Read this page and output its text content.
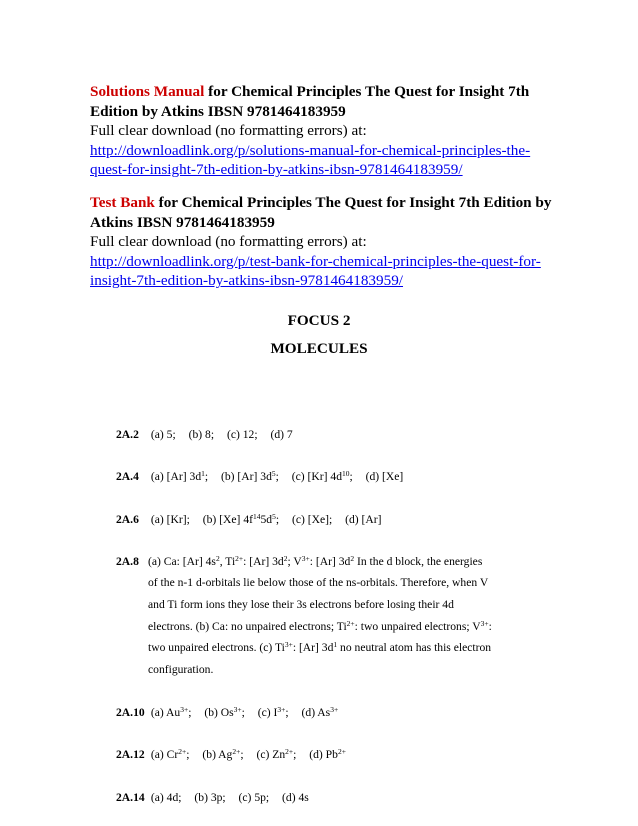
Solutions Manual for Chemical Principles The Quest for Insight 7th Edition by Atkins IBSN 9781464183959
Full clear download (no formatting errors) at:
http://downloadlink.org/p/solutions-manual-for-chemical-principles-the-quest-for-insight-7th-edition-by-atkins-ibsn-9781464183959/
Test Bank for Chemical Principles The Quest for Insight 7th Edition by Atkins IBSN 9781464183959
Full clear download (no formatting errors) at:
http://downloadlink.org/p/test-bank-for-chemical-principles-the-quest-for-insight-7th-edition-by-atkins-ibsn-9781464183959/
FOCUS 2
MOLECULES
2A.2 (a) 5; (b) 8; (c) 12; (d) 7
2A.4 (a) [Ar] $3d^1$; (b) [Ar] $3d^5$; (c) [Kr] $4d^{10}$; (d) [Xe]
2A.6 (a) [Kr]; (b) [Xe] $4f^{14}5d^5$; (c) [Xe]; (d) [Ar]
2A.8 (a) Ca: [Ar] $4s^2$, $Ti^{2+}$: [Ar] $3d^2$; $V^{3+}$: [Ar] $3d^2$ In the d block, the energies
of the n-1 d-orbitals lie below those of the ns-orbitals. Therefore, when V
and Ti form ions they lose their 3s electrons before losing their 4d
electrons. (b) Ca: no unpaired electrons; $Ti^{2+}$: two unpaired electrons; $V^{3+}$:
two unpaired electrons. (c) $Ti^{3+}$: [Ar] $3d^1$ no neutral atom has this electron
configuration.
2A.10 (a) $Au^{3+}$; (b) $Os^{3+}$; (c) $I^{3+}$; (d) $As^{3+}$
2A.12 (a) $Cr^{2+}$; (b) $Ag^{2+}$; (c) $Zn^{2+}$; (d) $Pb^{2+}$
2A.14 (a) 4d; (b) 3p; (c) 5p; (d) 4s
